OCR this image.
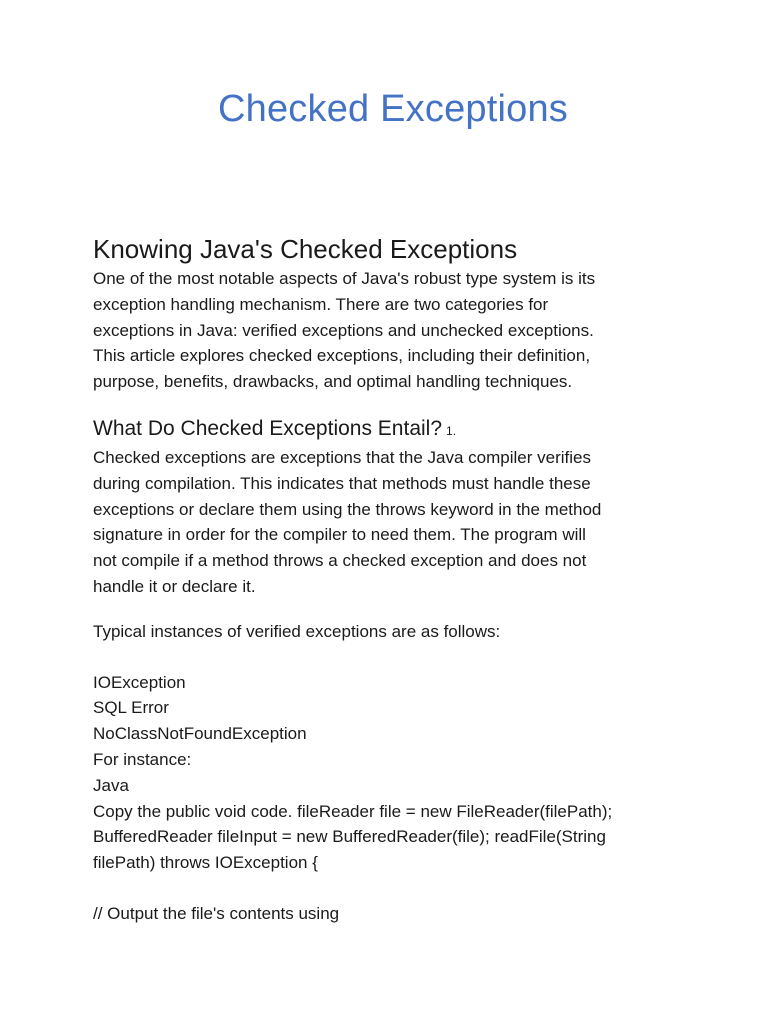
Checked Exceptions
Knowing Java's Checked Exceptions

One of the most notable aspects of Java's robust type system is its
exception handling mechanism. There are two categories for
exceptions in Java: verified exceptions and unchecked exceptions.
This article explores checked exceptions, including their definition,
purpose, benefits, drawbacks, and optimal handling techniques.

What Do Checked Exceptions Entail? 1.

Checked exceptions are exceptions that the Java compiler verifies
during compilation. This indicates that methods must handle these
exceptions or declare them using the throws keyword in the method
signature in order for the compiler to need them. The program will
not compile if a method throws a checked exception and does not
handle it or declare it.

Typical instances of verified exceptions are as follows:

IOException
SQL Error
NoClassNotFoundException
For instance:
Java
Copy the public void code. fileReader file = new FileReader(filePath);
BufferedReader fileInput = new BufferedReader(file); readFile(String
filePath) throws IOException {

// Output the file's contents using
